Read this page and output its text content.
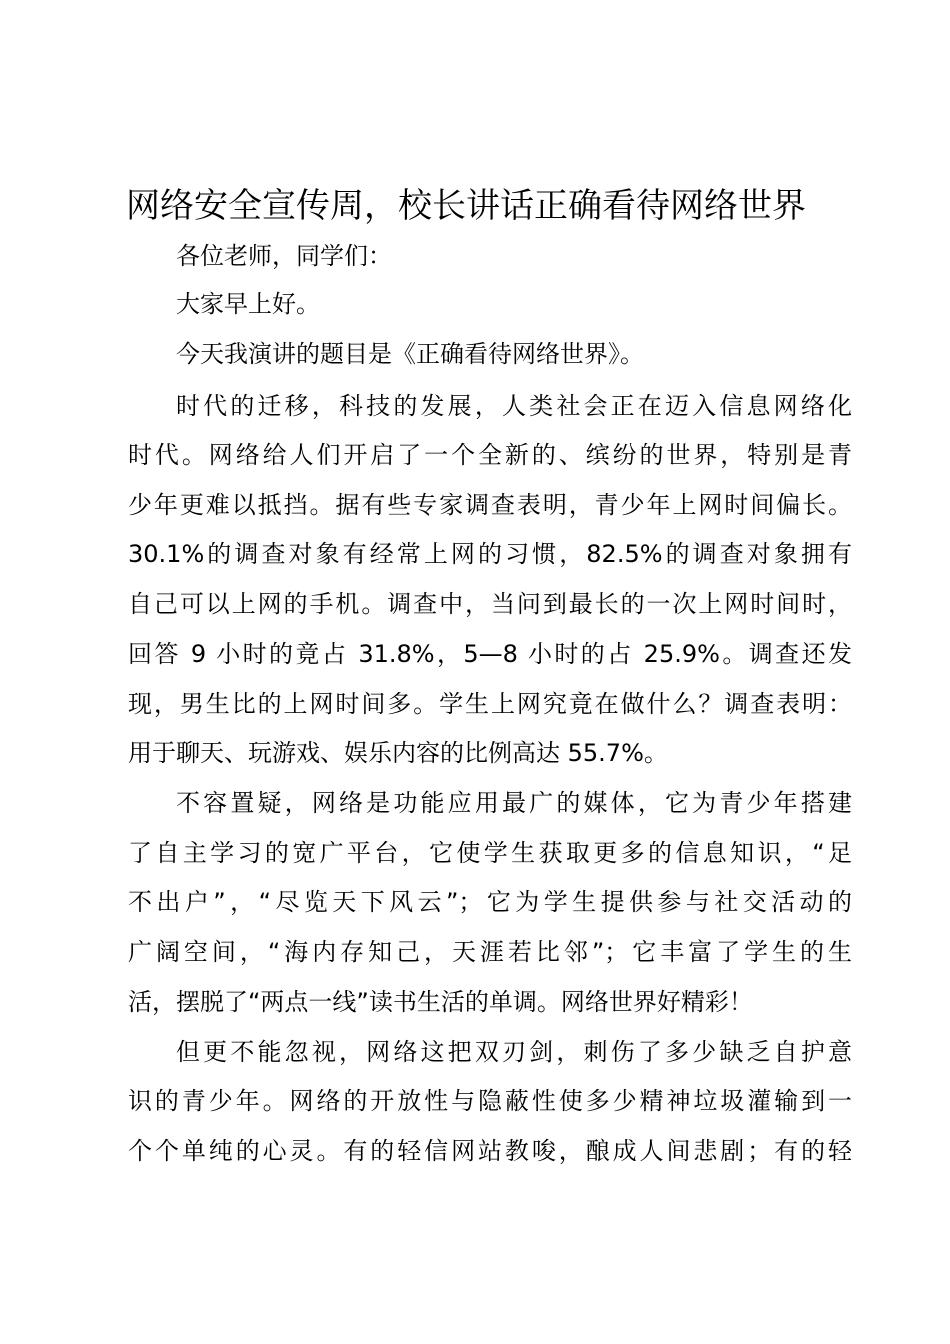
网络安全宣传周，校长讲话正确看待网络世界
各位老师，同学们：
大家早上好。
今天我演讲的题目是《正确看待网络世界》。
时代的迁移，科技的发展，人类社会正在迈入信息网络化
时代。网络给人们开启了一个全新的、缤纷的世界，特别是青
少年更难以抵挡。据有些专家调查表明，青少年上网时间偏长。
30.1%的调查对象有经常上网的习惯，82.5%的调查对象拥有
自己可以上网的手机。调查中，当问到最长的一次上网时间时，
回答 9 小时的竟占 31.8%，5—8 小时的占 25.9%。调查还发
现，男生比的上网时间多。学生上网究竟在做什么？调查表明：
用于聊天、玩游戏、娱乐内容的比例高达 55.7%。
不容置疑，网络是功能应用最广的媒体，它为青少年搭建
了自主学习的宽广平台，它使学生获取更多的信息知识，“足
不出户”，“尽览天下风云”；它为学生提供参与社交活动的
广阔空间，“海内存知己，天涯若比邻”；它丰富了学生的生
活，摆脱了“两点一线”读书生活的单调。网络世界好精彩！
但更不能忽视，网络这把双刃剑，刺伤了多少缺乏自护意
识的青少年。网络的开放性与隐蔽性使多少精神垃圾灌输到一
个个单纯的心灵。有的轻信网站教唆，酿成人间悲剧；有的轻
